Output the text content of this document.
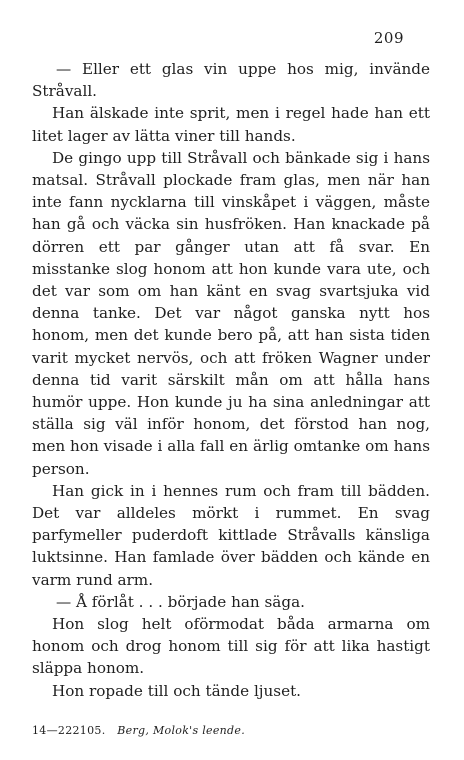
209

— Eller ett glas vin uppe hos mig, invände Stråvall.

Han älskade inte sprit, men i regel hade han ett litet lager av lätta viner till hands.

De gingo upp till Stråvall och bänkade sig i hans matsal. Stråvall plockade fram glas, men när han inte fann nycklarna till vinskåpet i väggen, måste han gå och väcka sin husfröken. Han knackade på dörren ett par gånger utan att få svar. En misstanke slog honom att hon kunde vara ute, och det var som om han känt en svag svartsjuka vid denna tanke. Det var något ganska nytt hos honom, men det kunde bero på, att han sista tiden varit mycket nervös, och att fröken Wagner under denna tid varit särskilt mån om att hålla hans humör uppe. Hon kunde ju ha sina anledningar att ställa sig väl inför honom, det förstod han nog, men hon visade i alla fall en ärlig omtanke om hans person.

Han gick in i hennes rum och fram till bädden. Det var alldeles mörkt i rummet. En svag parfymeller puderdoft kittlade Stråvalls känsliga luktsinne. Han famlade över bädden och kände en varm rund arm.

— Å förlåt . . . började han säga.

Hon slog helt oförmodat båda armarna om honom och drog honom till sig för att lika hastigt släppa honom.

Hon ropade till och tände ljuset.

14—222105. Berg, Molok's leende.
